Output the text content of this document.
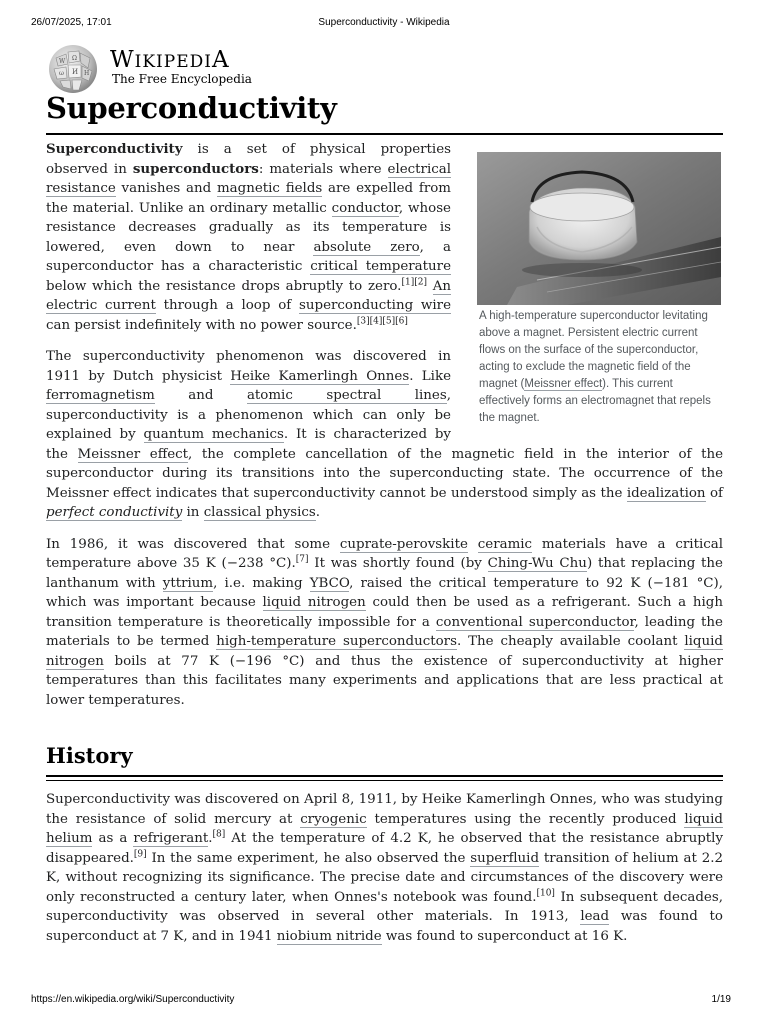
26/07/2025, 17:01	Superconductivity - Wikipedia
W Ω
И
ω	H
WIKIPEDIA
The Free Encyclopedia
Superconductivity
A high-temperature superconductor levitating above a magnet. Persistent electric current flows on the surface of the superconductor, acting to exclude the magnetic field of the magnet (Meissner effect). This current effectively forms an electromagnet that repels the magnet.

Superconductivity is a set of physical properties observed in superconductors: materials where electrical resistance vanishes and magnetic fields are expelled from the material. Unlike an ordinary metallic conductor, whose resistance decreases gradually as its temperature is lowered, even down to near absolute zero, a superconductor has a characteristic critical temperature below which the resistance drops abruptly to zero.[1][2] An electric current through a loop of superconducting wire can persist indefinitely with no power source.[3][4][5][6]

The superconductivity phenomenon was discovered in 1911 by Dutch physicist Heike Kamerlingh Onnes. Like ferromagnetism and atomic spectral lines, superconductivity is a phenomenon which can only be explained by quantum mechanics. It is characterized by the Meissner effect, the complete cancellation of the magnetic field in the interior of the superconductor during its transitions into the superconducting state. The occurrence of the Meissner effect indicates that superconductivity cannot be understood simply as the idealization of perfect conductivity in classical physics.

In 1986, it was discovered that some cuprate-perovskite ceramic materials have a critical temperature above 35 K (−238 °C).[7] It was shortly found (by Ching-Wu Chu) that replacing the lanthanum with yttrium, i.e. making YBCO, raised the critical temperature to 92 K (−181 °C), which was important because liquid nitrogen could then be used as a refrigerant. Such a high transition temperature is theoretically impossible for a conventional superconductor, leading the materials to be termed high-temperature superconductors. The cheaply available coolant liquid nitrogen boils at 77 K (−196 °C) and thus the existence of superconductivity at higher temperatures than this facilitates many experiments and applications that are less practical at lower temperatures.

History

Superconductivity was discovered on April 8, 1911, by Heike Kamerlingh Onnes, who was studying the resistance of solid mercury at cryogenic temperatures using the recently produced liquid helium as a refrigerant.[8] At the temperature of 4.2 K, he observed that the resistance abruptly disappeared.[9] In the same experiment, he also observed the superfluid transition of helium at 2.2 K, without recognizing its significance. The precise date and circumstances of the discovery were only reconstructed a century later, when Onnes's notebook was found.[10] In subsequent decades, superconductivity was observed in several other materials. In 1913, lead was found to superconduct at 7 K, and in 1941 niobium nitride was found to superconduct at 16 K.

https://en.wikipedia.org/wiki/Superconductivity	1/19
